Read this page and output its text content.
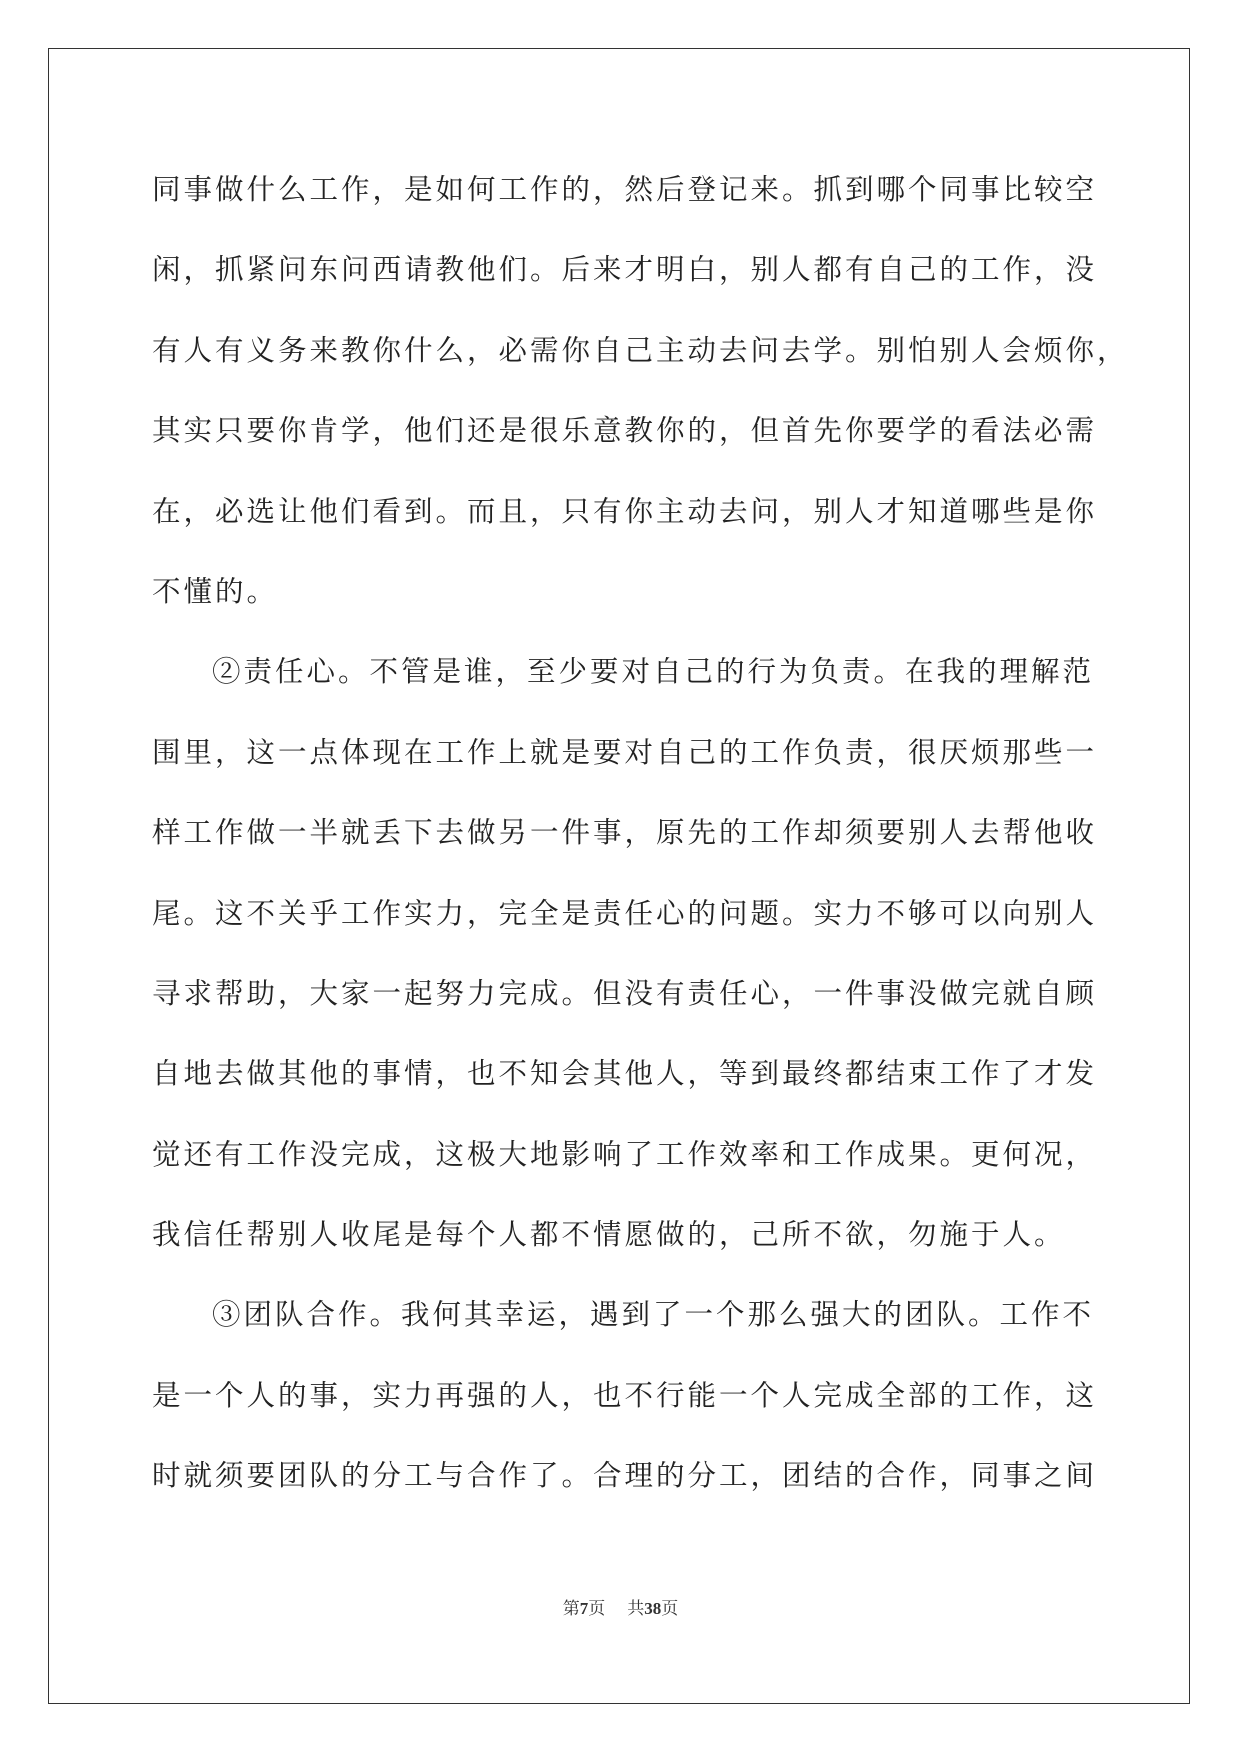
同事做什么工作，是如何工作的，然后登记来。抓到哪个同事比较空
闲，抓紧问东问西请教他们。后来才明白，别人都有自己的工作，没
有人有义务来教你什么，必需你自己主动去问去学。别怕别人会烦你，
其实只要你肯学，他们还是很乐意教你的，但首先你要学的看法必需
在，必选让他们看到。而且，只有你主动去问，别人才知道哪些是你
不懂的。
②责任心。不管是谁，至少要对自己的行为负责。在我的理解范
围里，这一点体现在工作上就是要对自己的工作负责，很厌烦那些一
样工作做一半就丢下去做另一件事，原先的工作却须要别人去帮他收
尾。这不关乎工作实力，完全是责任心的问题。实力不够可以向别人
寻求帮助，大家一起努力完成。但没有责任心，一件事没做完就自顾
自地去做其他的事情，也不知会其他人，等到最终都结束工作了才发
觉还有工作没完成，这极大地影响了工作效率和工作成果。更何况，
我信任帮别人收尾是每个人都不情愿做的，己所不欲，勿施于人。
③团队合作。我何其幸运，遇到了一个那么强大的团队。工作不
是一个人的事，实力再强的人，也不行能一个人完成全部的工作，这
时就须要团队的分工与合作了。合理的分工，团结的合作，同事之间
第7页 共38页
